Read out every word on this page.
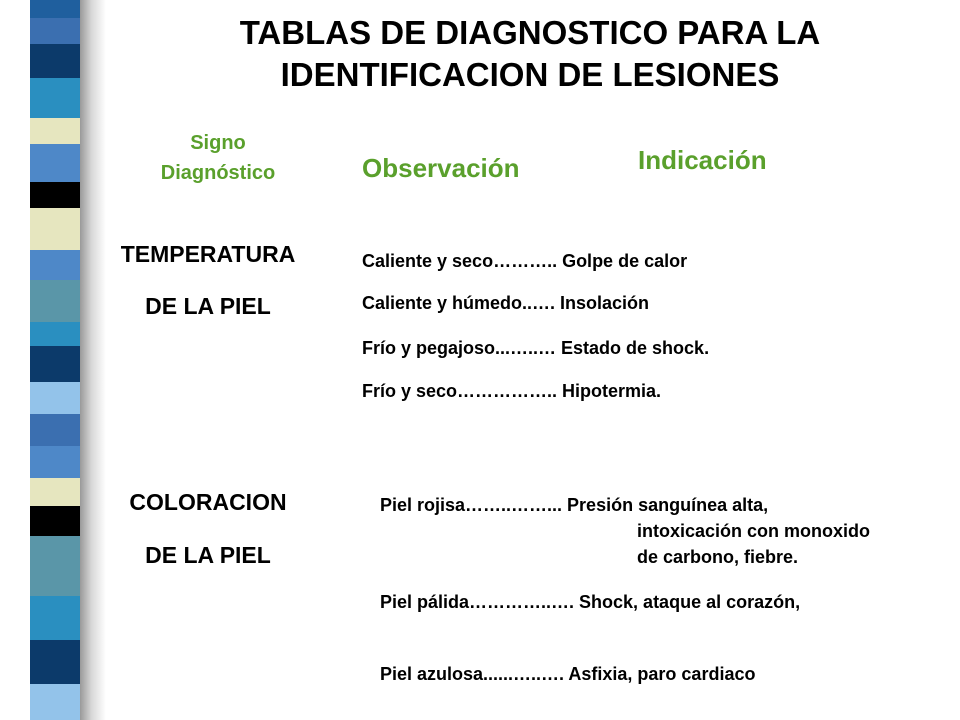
TABLAS DE DIAGNOSTICO PARA LA
IDENTIFICACION DE LESIONES
Signo
Diagnóstico	Observación	Indicación
TEMPERATURA
DE LA PIEL
Caliente y seco……….. Golpe de calor
Caliente y húmedo..…. Insolación
Frío y pegajoso...…..… Estado de shock.
Frío y seco…………….. Hipotermia.
COLORACION
DE LA PIEL
Piel rojisa……..……... Presión sanguínea alta,
intoxicación con monoxido
de carbono, fiebre.
Piel pálida…………..…. Shock, ataque al corazón,
Piel azulosa......…..…. Asfixia, paro cardiaco
